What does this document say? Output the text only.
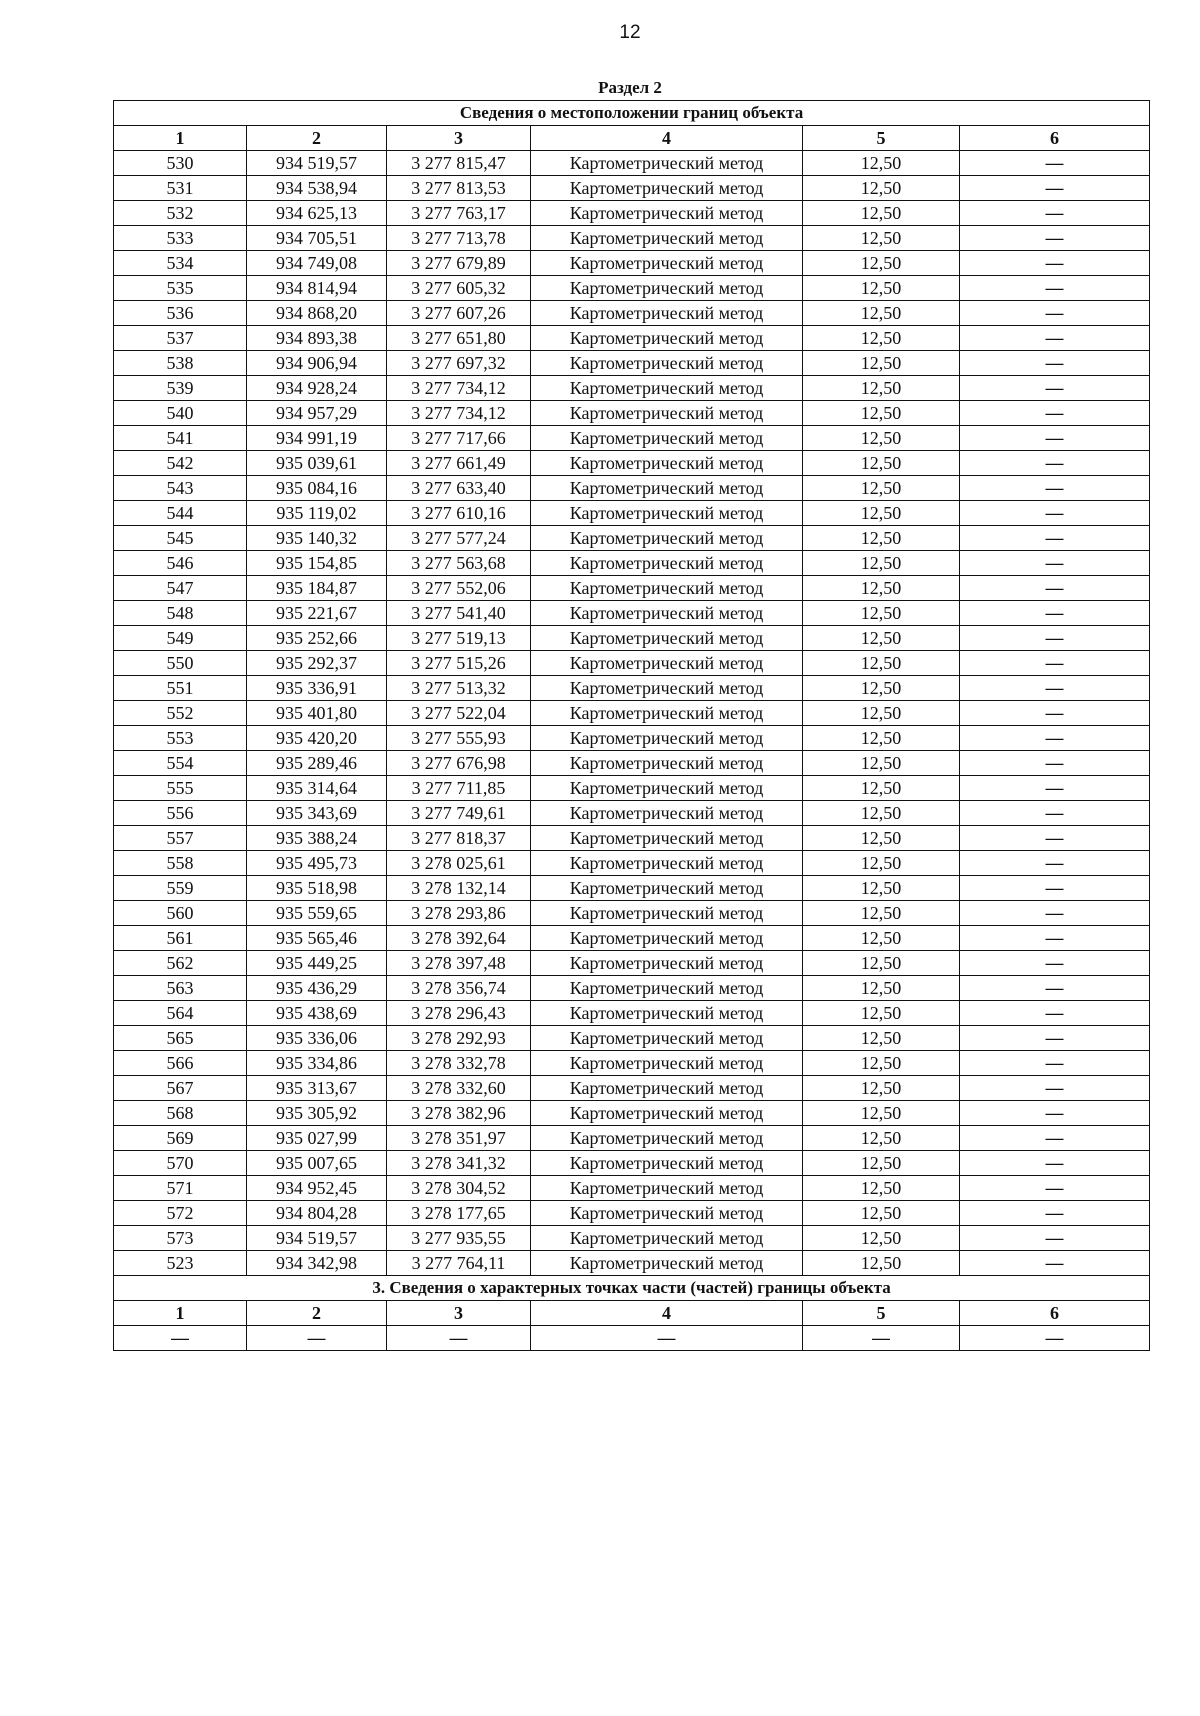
12
Раздел 2
Сведения о местоположении границ объекта					
1	2	3	4	5	6
530	934 519,57	3 277 815,47	Картометрический метод	12,50	—
531	934 538,94	3 277 813,53	Картометрический метод	12,50	—
532	934 625,13	3 277 763,17	Картометрический метод	12,50	—
533	934 705,51	3 277 713,78	Картометрический метод	12,50	—
534	934 749,08	3 277 679,89	Картометрический метод	12,50	—
535	934 814,94	3 277 605,32	Картометрический метод	12,50	—
536	934 868,20	3 277 607,26	Картометрический метод	12,50	—
537	934 893,38	3 277 651,80	Картометрический метод	12,50	—
538	934 906,94	3 277 697,32	Картометрический метод	12,50	—
539	934 928,24	3 277 734,12	Картометрический метод	12,50	—
540	934 957,29	3 277 734,12	Картометрический метод	12,50	—
541	934 991,19	3 277 717,66	Картометрический метод	12,50	—
542	935 039,61	3 277 661,49	Картометрический метод	12,50	—
543	935 084,16	3 277 633,40	Картометрический метод	12,50	—
544	935 119,02	3 277 610,16	Картометрический метод	12,50	—
545	935 140,32	3 277 577,24	Картометрический метод	12,50	—
546	935 154,85	3 277 563,68	Картометрический метод	12,50	—
547	935 184,87	3 277 552,06	Картометрический метод	12,50	—
548	935 221,67	3 277 541,40	Картометрический метод	12,50	—
549	935 252,66	3 277 519,13	Картометрический метод	12,50	—
550	935 292,37	3 277 515,26	Картометрический метод	12,50	—
551	935 336,91	3 277 513,32	Картометрический метод	12,50	—
552	935 401,80	3 277 522,04	Картометрический метод	12,50	—
553	935 420,20	3 277 555,93	Картометрический метод	12,50	—
554	935 289,46	3 277 676,98	Картометрический метод	12,50	—
555	935 314,64	3 277 711,85	Картометрический метод	12,50	—
556	935 343,69	3 277 749,61	Картометрический метод	12,50	—
557	935 388,24	3 277 818,37	Картометрический метод	12,50	—
558	935 495,73	3 278 025,61	Картометрический метод	12,50	—
559	935 518,98	3 278 132,14	Картометрический метод	12,50	—
560	935 559,65	3 278 293,86	Картометрический метод	12,50	—
561	935 565,46	3 278 392,64	Картометрический метод	12,50	—
562	935 449,25	3 278 397,48	Картометрический метод	12,50	—
563	935 436,29	3 278 356,74	Картометрический метод	12,50	—
564	935 438,69	3 278 296,43	Картометрический метод	12,50	—
565	935 336,06	3 278 292,93	Картометрический метод	12,50	—
566	935 334,86	3 278 332,78	Картометрический метод	12,50	—
567	935 313,67	3 278 332,60	Картометрический метод	12,50	—
568	935 305,92	3 278 382,96	Картометрический метод	12,50	—
569	935 027,99	3 278 351,97	Картометрический метод	12,50	—
570	935 007,65	3 278 341,32	Картометрический метод	12,50	—
571	934 952,45	3 278 304,52	Картометрический метод	12,50	—
572	934 804,28	3 278 177,65	Картометрический метод	12,50	—
573	934 519,57	3 277 935,55	Картометрический метод	12,50	—
523	934 342,98	3 277 764,11	Картометрический метод	12,50	—
3. Сведения о характерных точках части (частей) границы объекта					
1	2	3	4	5	6
—	—	—	—	—	—
